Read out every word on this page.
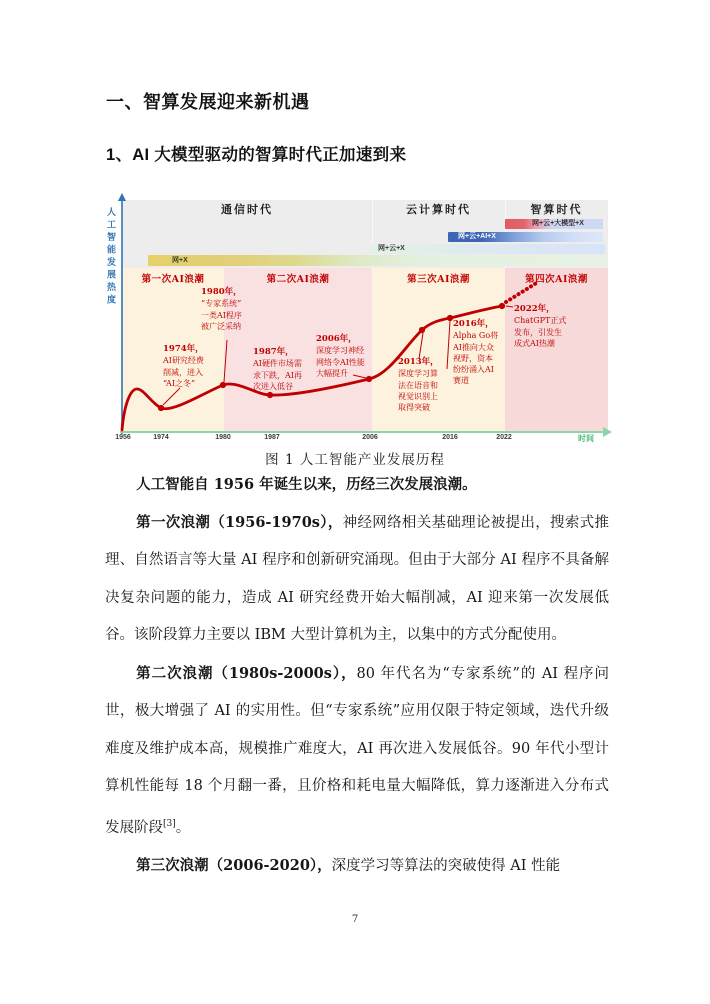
一、智算发展迎来新机遇
1、AI 大模型驱动的智算时代正加速到来
通信时代	云计算时代	智算时代
网+X
网+云+X
网+云+AI+X
网+云+大模型+X
第一次AI浪潮	第二次AI浪潮	第三次AI浪潮	第四次AI浪潮
1974年，
AI研究经费
削减，进入
“AI之冬”
1980年，
“专家系统”
一类AI程序
被广泛采纳
1987年，
AI硬件市场需
求下跌，AI再
次进入低谷
2006年，
深度学习神经
网络令AI性能
大幅提升
2013年，
深度学习算
法在语音和
视觉识别上
取得突破
2016年，
Alpha Go将
AI推向大众
视野，资本
纷纷涌入AI
赛道
2022年，
ChatGPT正式
发布，引发生
成式AI热潮
人工智能发展热度
1956	1974	1980	1987	2006	2016	2022	时间
图 1 人工智能产业发展历程

人工智能自 1956 年诞生以来，历经三次发展浪潮。

第一次浪潮（1956-1970s），神经网络相关基础理论被提出，搜索式推理、自然语言等大量 AI 程序和创新研究涌现。但由于大部分 AI 程序不具备解决复杂问题的能力，造成 AI 研究经费开始大幅削减，AI 迎来第一次发展低谷。该阶段算力主要以 IBM 大型计算机为主，以集中的方式分配使用。

第二次浪潮（1980s-2000s），80 年代名为“专家系统”的 AI 程序问世，极大增强了 AI 的实用性。但“专家系统”应用仅限于特定领域，迭代升级难度及维护成本高，规模推广难度大，AI 再次进入发展低谷。90 年代小型计算机性能每 18 个月翻一番，且价格和耗电量大幅降低，算力逐渐进入分布式发展阶段[3]。

第三次浪潮（2006-2020），深度学习等算法的突破使得 AI 性能

7
